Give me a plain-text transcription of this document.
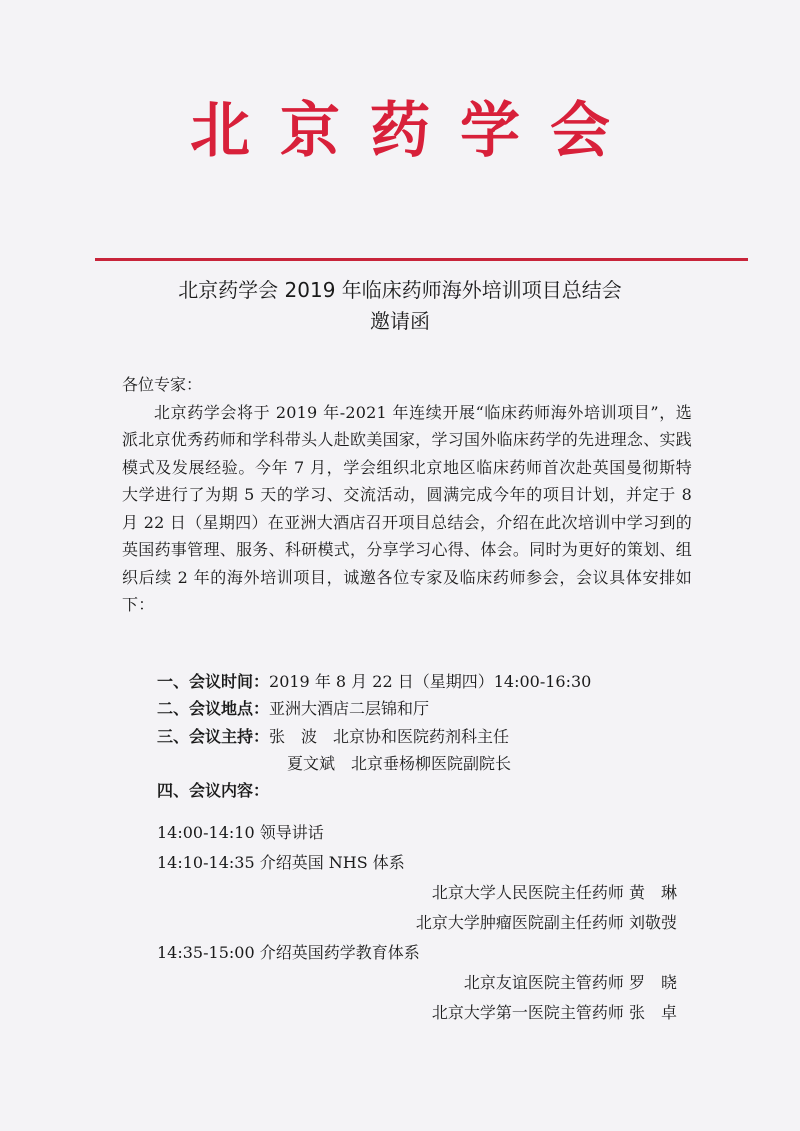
北京药学会
北京药学会 2019 年临床药师海外培训项目总结会
邀请函

各位专家：

北京药学会将于 2019 年-2021 年连续开展“临床药师海外培训项目”，选派北京优秀药师和学科带头人赴欧美国家，学习国外临床药学的先进理念、实践模式及发展经验。今年 7 月，学会组织北京地区临床药师首次赴英国曼彻斯特大学进行了为期 5 天的学习、交流活动，圆满完成今年的项目计划，并定于 8 月 22 日（星期四）在亚洲大酒店召开项目总结会，介绍在此次培训中学习到的英国药事管理、服务、科研模式，分享学习心得、体会。同时为更好的策划、组织后续 2 年的海外培训项目，诚邀各位专家及临床药师参会，会议具体安排如下：

一、会议时间：2019 年 8 月 22 日（星期四）14:00-16:30
二、会议地点：亚洲大酒店二层锦和厅
三、会议主持：张　波　北京协和医院药剂科主任
夏文斌　北京垂杨柳医院副院长
四、会议内容：
14:00-14:10 领导讲话
14:10-14:35 介绍英国 NHS 体系
北京大学人民医院主任药师 黄　琳
北京大学肿瘤医院副主任药师 刘敬弢
14:35-15:00 介绍英国药学教育体系
北京友谊医院主管药师 罗　晓
北京大学第一医院主管药师 张　卓
